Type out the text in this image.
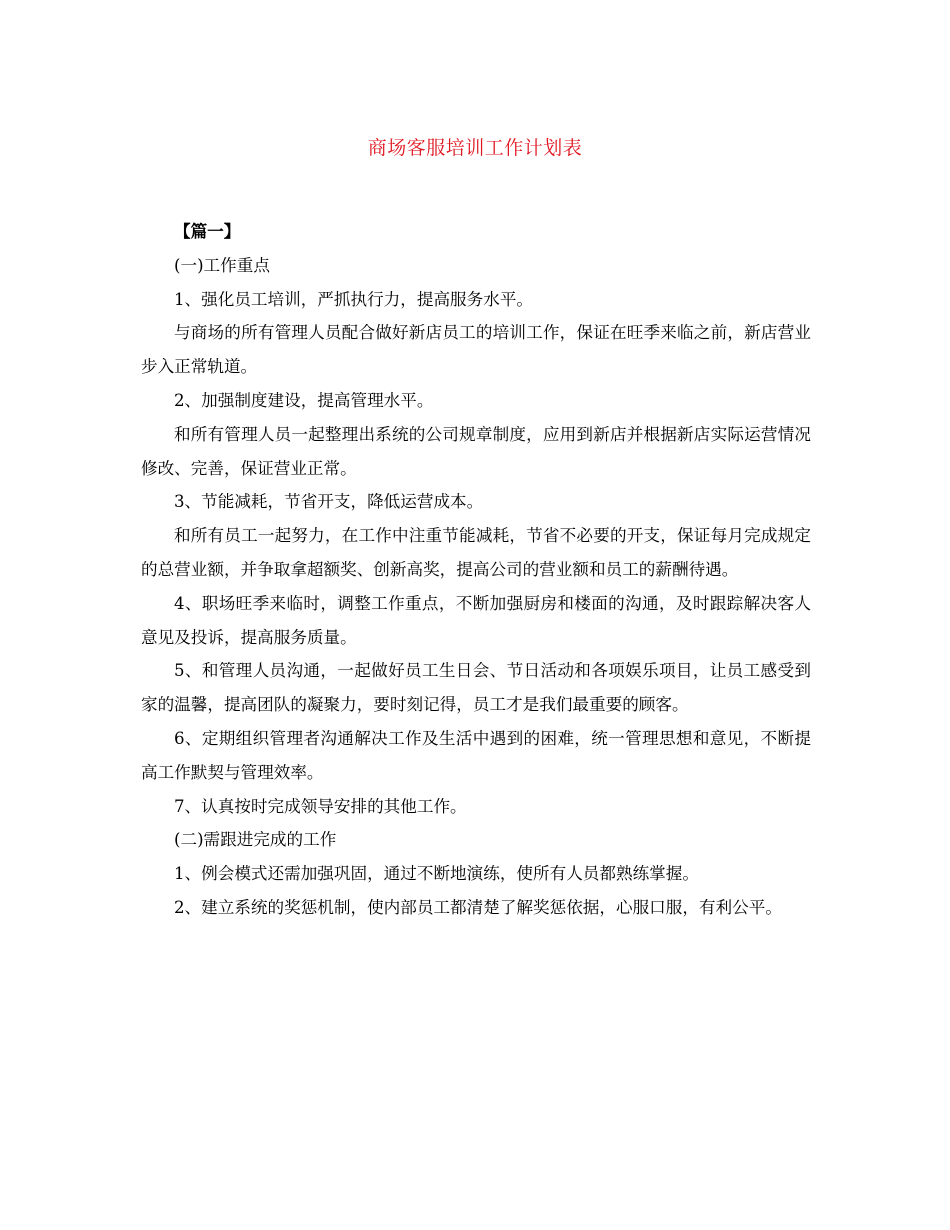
商场客服培训工作计划表

【篇一】

(一)工作重点

1、强化员工培训，严抓执行力，提高服务水平。

与商场的所有管理人员配合做好新店员工的培训工作，保证在旺季来临之前，新店营业步入正常轨道。

2、加强制度建设，提高管理水平。

和所有管理人员一起整理出系统的公司规章制度，应用到新店并根据新店实际运营情况修改、完善，保证营业正常。

3、节能减耗，节省开支，降低运营成本。

和所有员工一起努力，在工作中注重节能减耗，节省不必要的开支，保证每月完成规定的总营业额，并争取拿超额奖、创新高奖，提高公司的营业额和员工的薪酬待遇。

4、职场旺季来临时，调整工作重点，不断加强厨房和楼面的沟通，及时跟踪解决客人意见及投诉，提高服务质量。

5、和管理人员沟通，一起做好员工生日会、节日活动和各项娱乐项目，让员工感受到家的温馨，提高团队的凝聚力，要时刻记得，员工才是我们最重要的顾客。

6、定期组织管理者沟通解决工作及生活中遇到的困难，统一管理思想和意见，不断提高工作默契与管理效率。

7、认真按时完成领导安排的其他工作。

(二)需跟进完成的工作

1、例会模式还需加强巩固，通过不断地演练，使所有人员都熟练掌握。

2、建立系统的奖惩机制，使内部员工都清楚了解奖惩依据，心服口服，有利公平。
